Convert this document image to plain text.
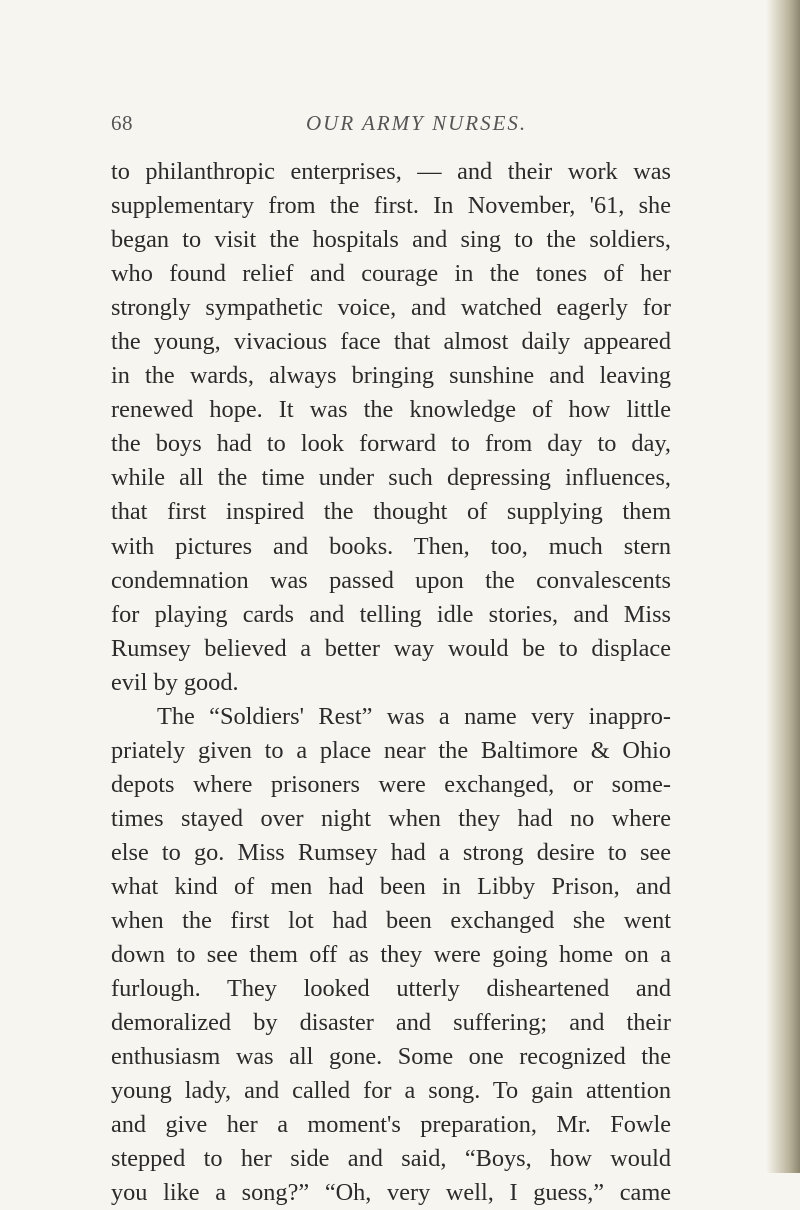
68	OUR ARMY NURSES.
to philanthropic enterprises, — and their work was
supplementary from the first. In November, '61, she
began to visit the hospitals and sing to the soldiers,
who found relief and courage in the tones of her
strongly sympathetic voice, and watched eagerly for
the young, vivacious face that almost daily appeared
in the wards, always bringing sunshine and leaving
renewed hope. It was the knowledge of how little
the boys had to look forward to from day to day,
while all the time under such depressing influences,
that first inspired the thought of supplying them
with pictures and books. Then, too, much stern
condemnation was passed upon the convalescents
for playing cards and telling idle stories, and Miss
Rumsey believed a better way would be to displace
evil by good.
The “Soldiers' Rest” was a name very inappro-
priately given to a place near the Baltimore & Ohio
depots where prisoners were exchanged, or some-
times stayed over night when they had no where
else to go. Miss Rumsey had a strong desire to see
what kind of men had been in Libby Prison, and
when the first lot had been exchanged she went
down to see them off as they were going home on a
furlough. They looked utterly disheartened and
demoralized by disaster and suffering; and their
enthusiasm was all gone. Some one recognized the
young lady, and called for a song. To gain attention
and give her a moment's preparation, Mr. Fowle
stepped to her side and said, “Boys, how would
you like a song?” “Oh, very well, I guess,” came
